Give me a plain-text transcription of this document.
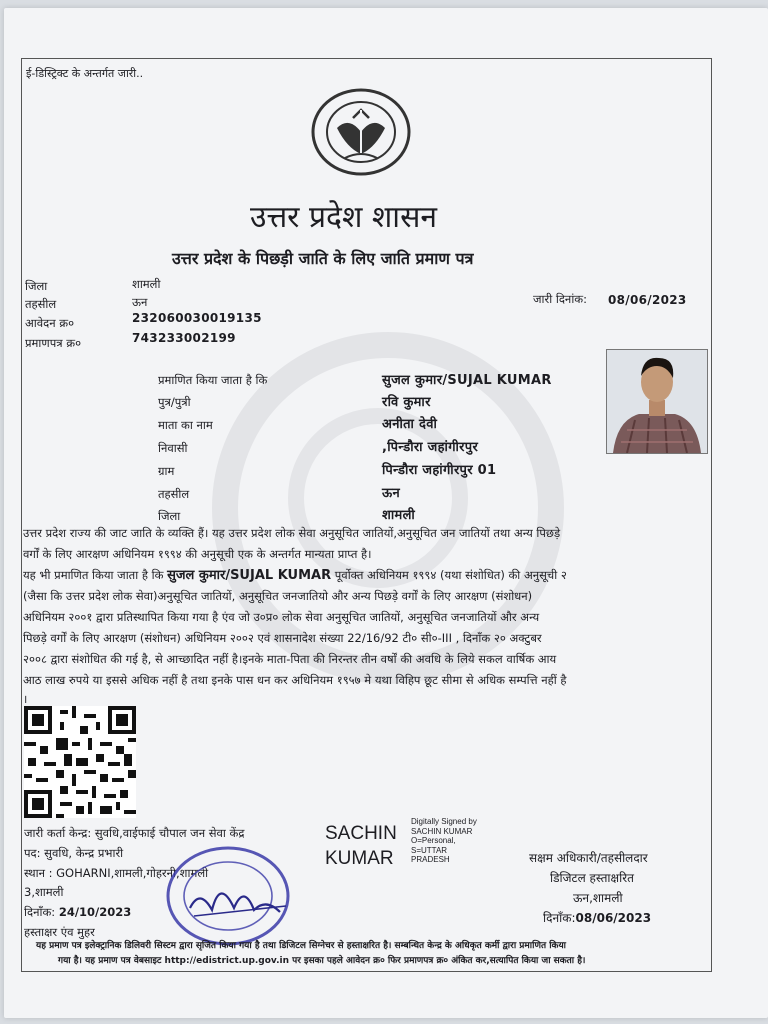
ई-डिस्ट्रिक्ट के अन्तर्गत जारी..
उत्तर प्रदेश शासन
उत्तर प्रदेश के पिछड़ी जाति के लिए जाति प्रमाण पत्र
जिला	शामली
तहसील	ऊन
आवेदन क्र०	232060030019135
प्रमाणपत्र क्र०	743233002199
जारी दिनांक: 08/06/2023
प्रमाणित किया जाता है कि	सुजल कुमार/SUJAL KUMAR
पुत्र/पुत्री	रवि कुमार
माता का नाम	अनीता देवी
निवासी	,पिन्डौरा जहांगीरपुर
ग्राम	पिन्डौरा जहांगीरपुर 01
तहसील	ऊन
जिला	शामली
उत्तर प्रदेश राज्य की जाट जाति के व्यक्ति हैं। यह उत्तर प्रदेश लोक सेवा अनुसूचित जातियों,अनुसूचित जन जातियों तथा अन्य पिछड़े
वर्गों के लिए आरक्षण अधिनियम १९९४ की अनुसूची एक के अन्तर्गत मान्यता प्राप्त है।
यह भी प्रमाणित किया जाता है कि सुजल कुमार/SUJAL KUMAR पूर्वोक्त अधिनियम १९९४ (यथा संशोधित) की अनुसूची २
(जैसा कि उत्तर प्रदेश लोक सेवा)अनुसूचित जातियों, अनुसूचित जनजातियो और अन्य पिछड़े वर्गों के लिए आरक्षण (संशोधन)
अधिनियम २००१ द्वारा प्रतिस्थापित किया गया है एंव जो उ०प्र० लोक सेवा अनुसूचित जातियों, अनुसूचित जनजातियों और अन्य
पिछड़े वर्गों के लिए आरक्षण (संशोधन) अधिनियम २००२ एवं शासनादेश संख्या 22/16/92 टी० सी०-III , दिनाँक २० अक्टुबर
२००८ द्वारा संशोधित की गई है, से आच्छादित नहीं है।इनके माता-पिता की निरन्तर तीन वर्षों की अवधि के लिये सकल वार्षिक आय
आठ लाख रुपये या इससे अधिक नहीं है तथा इनके पास धन कर अधिनियम १९५७ मे यथा विहिप छूट सीमा से अधिक सम्पत्ति नहीं है
।
जारी कर्ता केन्द्र: सुवधि,वाईफाई चौपाल जन सेवा केंद्र
पद: सुवधि, केन्द्र प्रभारी
स्थान : GOHARNI,शामली,गोहरनी,शामली
3,शामली
दिनाँक: 24/10/2023
हस्ताक्षर एंव मुहर
SACHIN
KUMAR
Digitally Signed by
SACHIN KUMAR
O=Personal,
S=UTTAR
PRADESH	सक्षम अधिकारी/तहसीलदार
डिजिटल हस्ताक्षरित
ऊन,शामली
दिनाँक:08/06/2023
यह प्रमाण पत्र इलेक्ट्रानिक डिलिवरी सिस्टम द्वारा सृजित किया गया है तथा डिजिटल सिग्नेचर से हस्ताक्षरित है। सम्बन्धित केन्द्र के अधिकृत कर्मी द्वारा प्रमाणित किया
गया है। यह प्रमाण पत्र वेबसाइट http://edistrict.up.gov.in पर इसका पहले आवेदन क्र० फिर प्रमाणपत्र क्र० अंकित कर,सत्यापित किया जा सकता है।
